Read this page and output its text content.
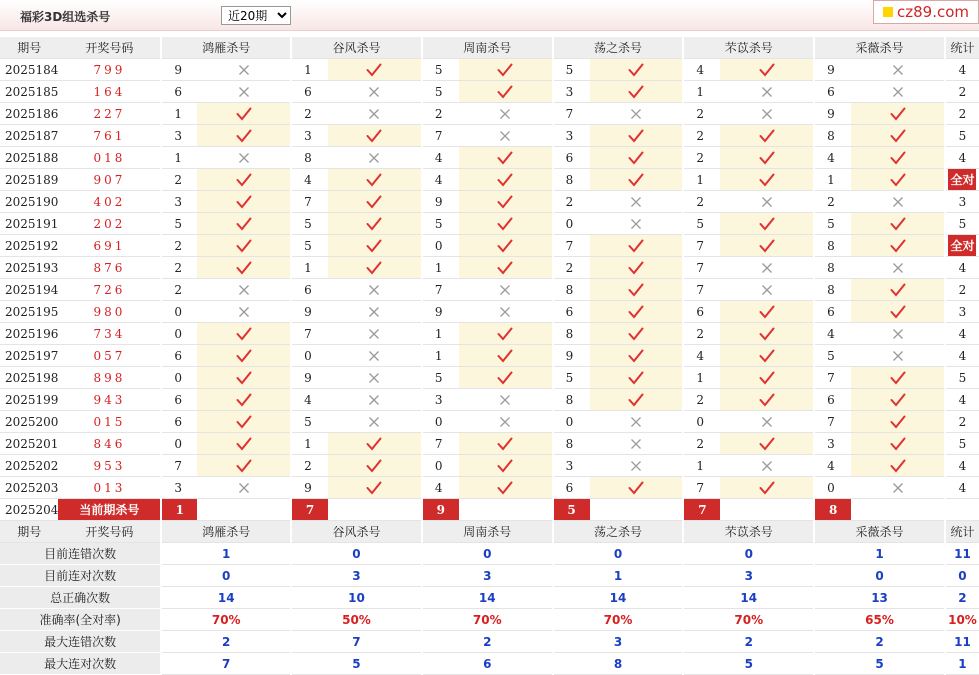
福彩3D组选杀号
近20期	cz89.com
期号	开奖号码	鸿雁杀号		谷风杀号		周南杀号		荡之杀号		芣苡杀号		采薇杀号		统计
2025184	799	9		1		5		5		4		9		4
2025185	164	6		6		5		3		1		6		2
2025186	227	1		2		2		7		2		9		2
2025187	761	3		3		7		3		2		8		5
2025188	018	1		8		4		6		2		4		4
2025189	907	2		4		4		8		1		1		全对
2025190	402	3		7		9		2		2		2		3
2025191	202	5		5		5		0		5		5		5
2025192	691	2		5		0		7		7		8		全对
2025193	876	2		1		1		2		7		8		4
2025194	726	2		6		7		8		7		8		2
2025195	980	0		9		9		6		6		6		3
2025196	734	0		7		1		8		2		4		4
2025197	057	6		0		1		9		4		5		4
2025198	898	0		9		5		5		1		7		5
2025199	943	6		4		3		8		2		6		4
2025200	015	6		5		0		0		0		7		2
2025201	846	0		1		7		8		2		3		5
2025202	953	7		2		0		3		1		4		4
2025203	013	3		9		4		6		7		0		4
2025204	当前期杀号	1		7		9		5		7		8		
期号	开奖号码	鸿雁杀号		谷风杀号		周南杀号		荡之杀号		芣苡杀号		采薇杀号		统计
目前连错次数		1		0		0		0		0		1		11
目前连对次数		0		3		3		1		3		0		0
总正确次数		14		10		14		14		14		13		2
准确率(全对率)		70%		50%		70%		70%		70%		65%		10%
最大连错次数		2		7		2		3		2		2		11
最大连对次数		7		5		6		8		5		5		1
